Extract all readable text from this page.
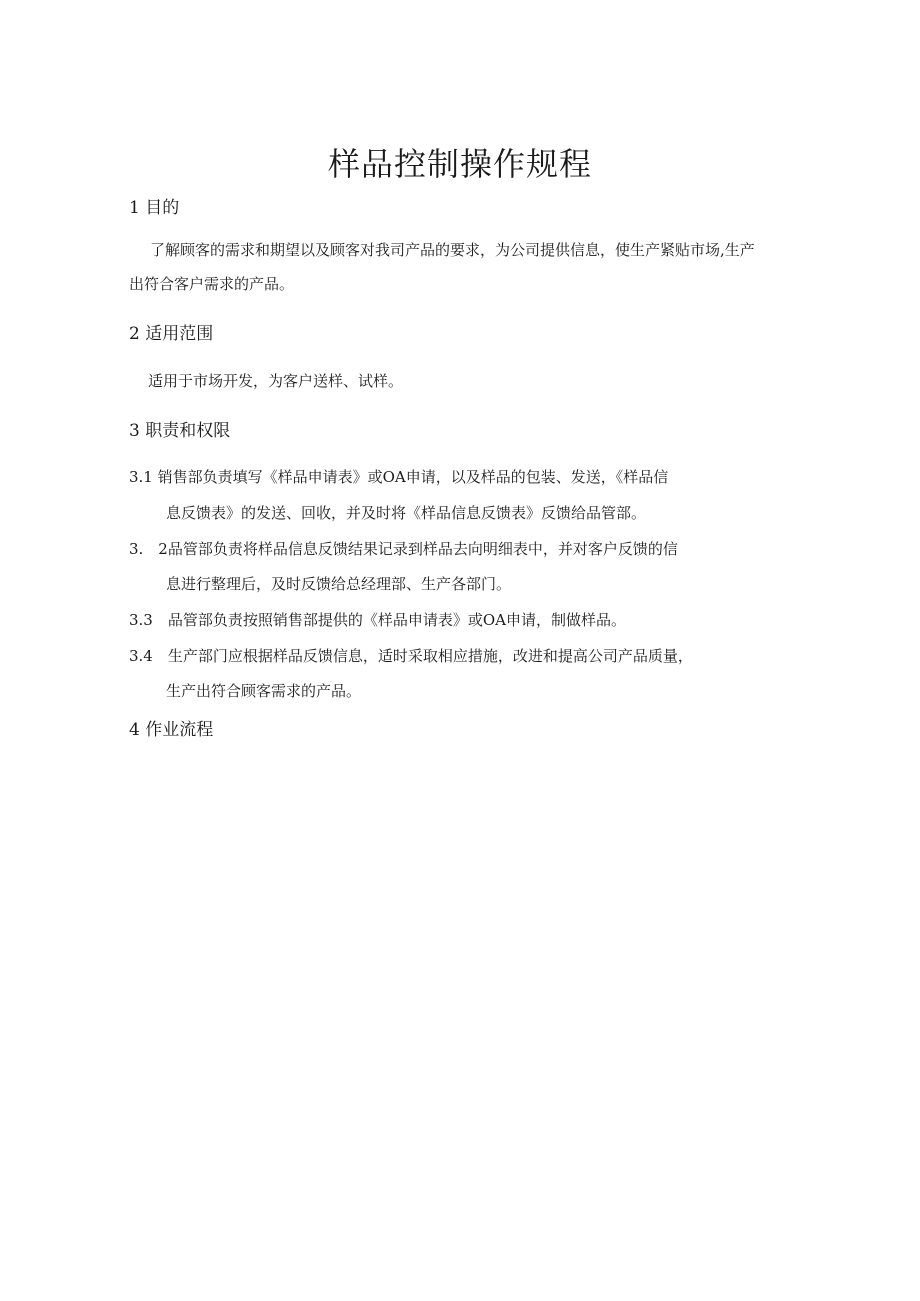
样品控制操作规程
1 目的
了解顾客的需求和期望以及顾客对我司产品的要求，为公司提供信息，使生产紧贴市场,生产
出符合客户需求的产品。
2 适用范围
适用于市场开发，为客户送样、试样。
3 职责和权限
3.1 销售部负责填写《样品申请表》或OA申请，以及样品的包装、发送，《样品信
息反馈表》的发送、回收，并及时将《样品信息反馈表》反馈给品管部。
3.　2品管部负责将样品信息反馈结果记录到样品去向明细表中，并对客户反馈的信
息进行整理后，及时反馈给总经理部、生产各部门。
3.3　品管部负责按照销售部提供的《样品申请表》或OA申请，制做样品。
3.4　生产部门应根据样品反馈信息，适时采取相应措施，改进和提高公司产品质量，
生产出符合顾客需求的产品。
4 作业流程
